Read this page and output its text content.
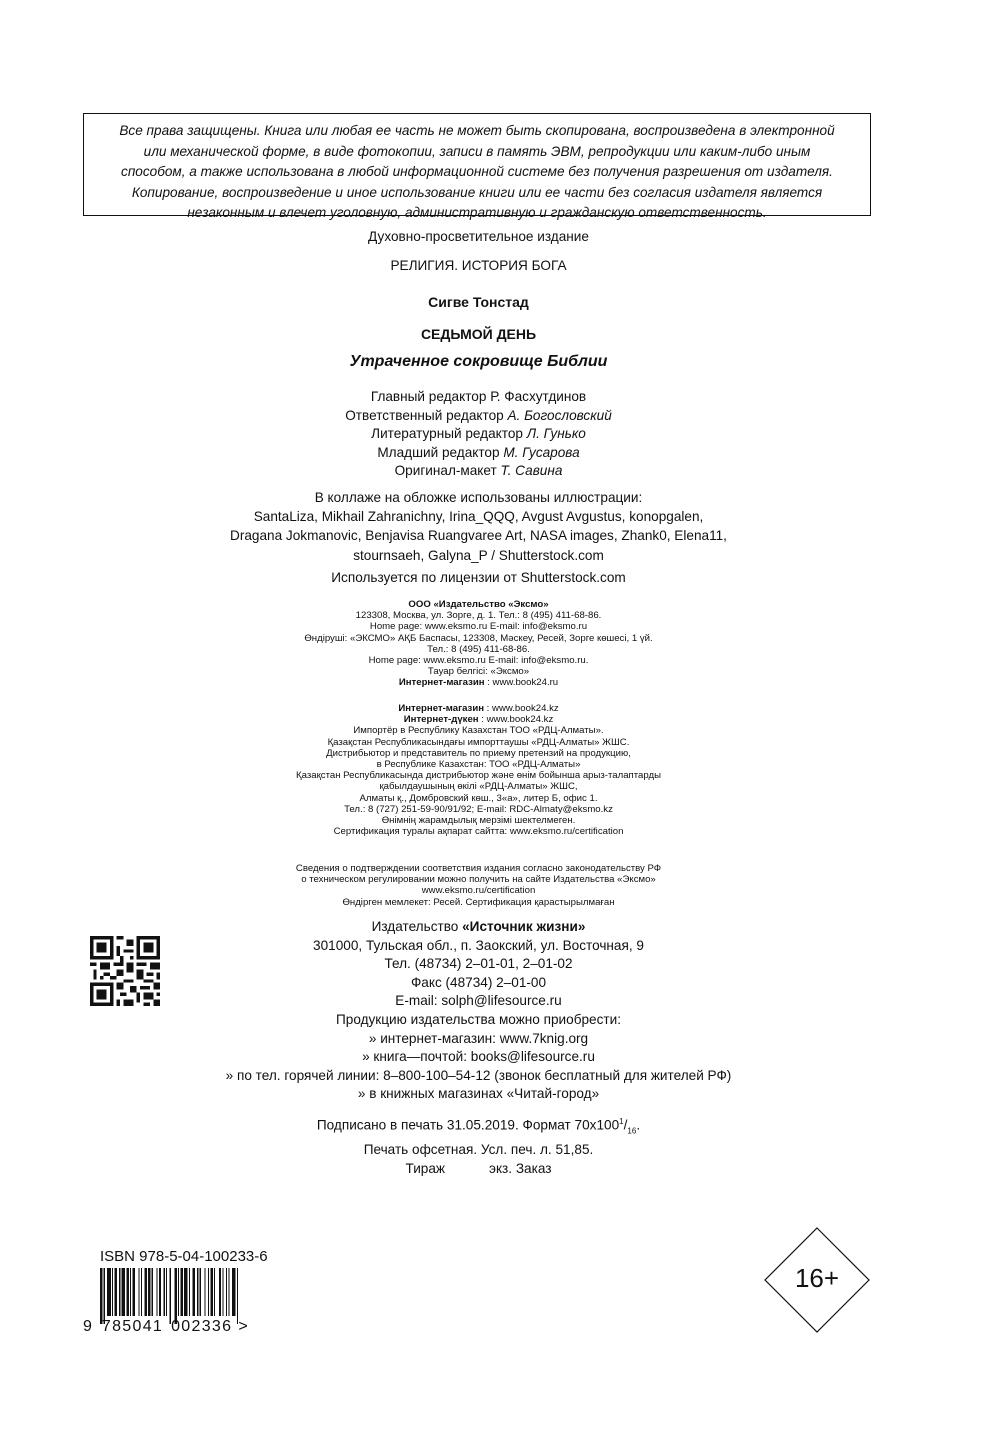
Все права защищены. Книга или любая ее часть не может быть скопирована, воспроизведена в электронной
или механической форме, в виде фотокопии, записи в память ЭВМ, репродукции или каким-либо иным
способом, а также использована в любой информационной системе без получения разрешения от издателя.
Копирование, воспроизведение и иное использование книги или ее части без согласия издателя является
незаконным и влечет уголовную, административную и гражданскую ответственность.
Духовно-просветительное издание
РЕЛИГИЯ. ИСТОРИЯ БОГА
Сигве Тонстад
СЕДЬМОЙ ДЕНЬ
Утраченное сокровище Библии
Главный редактор Р. Фасхутдинов
Ответственный редактор А. Богословский
Литературный редактор Л. Гунько
Младший редактор М. Гусарова
Оригинал-макет Т. Савина
В коллаже на обложке использованы иллюстрации:
SantaLiza, Mikhail Zahranichny, Irina_QQQ, Avgust Avgustus, konopgalen,
Dragana Jokmanovic, Benjavisa Ruangvaree Art, NASA images, Zhank0, Elena11,
stournsaeh, Galyna_P / Shutterstock.com
Используется по лицензии от Shutterstock.com
ООО «Издательство «Эксмо»
123308, Москва, ул. Зорге, д. 1. Тел.: 8 (495) 411-68-86.
Home page: www.eksmo.ru E-mail: info@eksmo.ru
Өндіруші: «ЭКСМО» АҚБ Баспасы, 123308, Мәскеу, Ресей, Зорге көшесі, 1 үй.
Тел.: 8 (495) 411-68-86.
Home page: www.eksmo.ru E-mail: info@eksmo.ru.
Тауар белгісі: «Эксмо»
Интернет-магазин : www.book24.ru
Интернет-магазин : www.book24.kz
Интернет-дүкен : www.book24.kz
Импортёр в Республику Казахстан ТОО «РДЦ-Алматы».
Қазақстан Республикасындағы импорттаушы «РДЦ-Алматы» ЖШС.
Дистрибьютор и представитель по приему претензий на продукцию,
в Республике Казахстан: ТОО «РДЦ-Алматы»
Қазақстан Республикасында дистрибьютор және өнім бойынша арыз-талаптарды
қабылдаушының өкілі «РДЦ-Алматы» ЖШС,
Алматы қ., Домбровский көш., 3«а», литер Б, офис 1.
Тел.: 8 (727) 251-59-90/91/92; E-mail: RDC-Almaty@eksmo.kz
Өнімнің жарамдылық мерзімі шектелмеген.
Сертификация туралы ақпарат сайтта: www.eksmo.ru/certification
Сведения о подтверждении соответствия издания согласно законодательству РФ
о техническом регулировании можно получить на сайте Издательства «Эксмо»
www.eksmo.ru/certification
Өндірген мемлекет: Ресей. Сертификация қарастырылмаған
Издательство «Источник жизни»
301000, Тульская обл., п. Заокский, ул. Восточная, 9
Тел. (48734) 2–01-01, 2–01-02
Факс (48734) 2–01-00
E-mail: solph@lifesource.ru
Продукцию издательства можно приобрести:
» интернет-магазин: www.7knig.org
» книга—почтой: books@lifesource.ru
» по тел. горячей линии: 8–800-100–54-12 (звонок бесплатный для жителей РФ)
» в книжных магазинах «Читай-город»
Подписано в печать 31.05.2019. Формат $70х100^1/_{16}$.
Печать офсетная. Усл. печ. л. 51,85.
Тираж	экз. Заказ
ISBN 978-5-04-100233-6
9 785041 002336 >
16+
